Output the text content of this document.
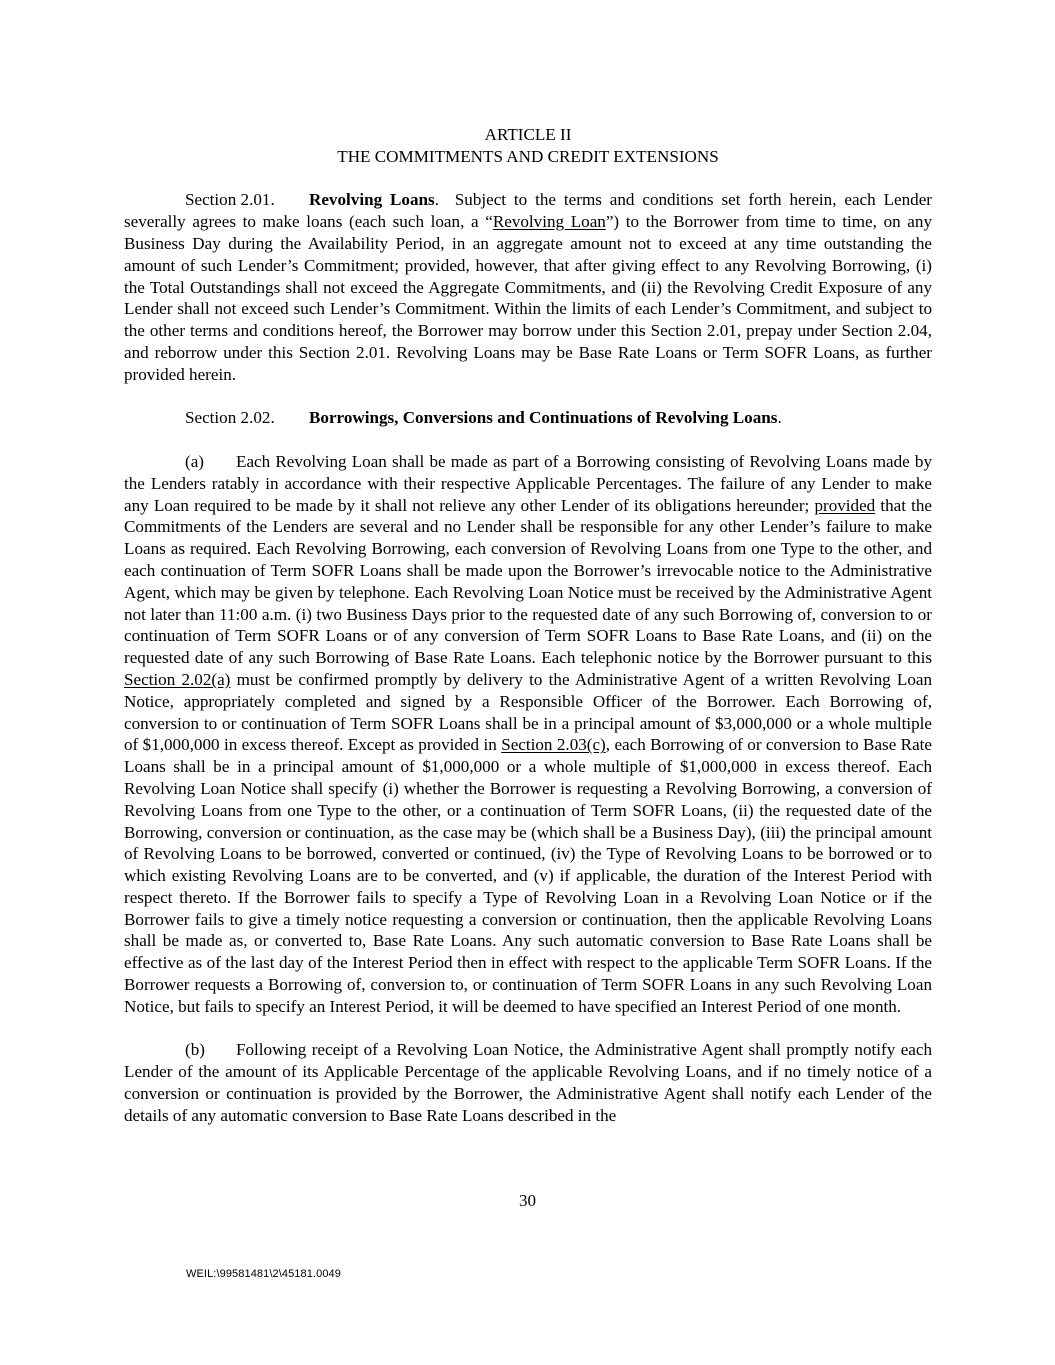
ARTICLE II
THE COMMITMENTS AND CREDIT EXTENSIONS

Section 2.01. Revolving Loans. Subject to the terms and conditions set forth herein, each Lender severally agrees to make loans (each such loan, a “Revolving Loan”) to the Borrower from time to time, on any Business Day during the Availability Period, in an aggregate amount not to exceed at any time outstanding the amount of such Lender’s Commitment; provided, however, that after giving effect to any Revolving Borrowing, (i) the Total Outstandings shall not exceed the Aggregate Commitments, and (ii) the Revolving Credit Exposure of any Lender shall not exceed such Lender’s Commitment. Within the limits of each Lender’s Commitment, and subject to the other terms and conditions hereof, the Borrower may borrow under this Section 2.01, prepay under Section 2.04, and reborrow under this Section 2.01. Revolving Loans may be Base Rate Loans or Term SOFR Loans, as further provided herein.

Section 2.02. Borrowings, Conversions and Continuations of Revolving Loans.

(a) Each Revolving Loan shall be made as part of a Borrowing consisting of Revolving Loans made by the Lenders ratably in accordance with their respective Applicable Percentages. The failure of any Lender to make any Loan required to be made by it shall not relieve any other Lender of its obligations hereunder; provided that the Commitments of the Lenders are several and no Lender shall be responsible for any other Lender’s failure to make Loans as required. Each Revolving Borrowing, each conversion of Revolving Loans from one Type to the other, and each continuation of Term SOFR Loans shall be made upon the Borrower’s irrevocable notice to the Administrative Agent, which may be given by telephone. Each Revolving Loan Notice must be received by the Administrative Agent not later than 11:00 a.m. (i) two Business Days prior to the requested date of any such Borrowing of, conversion to or continuation of Term SOFR Loans or of any conversion of Term SOFR Loans to Base Rate Loans, and (ii) on the requested date of any such Borrowing of Base Rate Loans. Each telephonic notice by the Borrower pursuant to this Section 2.02(a) must be confirmed promptly by delivery to the Administrative Agent of a written Revolving Loan Notice, appropriately completed and signed by a Responsible Officer of the Borrower. Each Borrowing of, conversion to or continuation of Term SOFR Loans shall be in a principal amount of $3,000,000 or a whole multiple of $1,000,000 in excess thereof. Except as provided in Section 2.03(c), each Borrowing of or conversion to Base Rate Loans shall be in a principal amount of $1,000,000 or a whole multiple of $1,000,000 in excess thereof. Each Revolving Loan Notice shall specify (i) whether the Borrower is requesting a Revolving Borrowing, a conversion of Revolving Loans from one Type to the other, or a continuation of Term SOFR Loans, (ii) the requested date of the Borrowing, conversion or continuation, as the case may be (which shall be a Business Day), (iii) the principal amount of Revolving Loans to be borrowed, converted or continued, (iv) the Type of Revolving Loans to be borrowed or to which existing Revolving Loans are to be converted, and (v) if applicable, the duration of the Interest Period with respect thereto. If the Borrower fails to specify a Type of Revolving Loan in a Revolving Loan Notice or if the Borrower fails to give a timely notice requesting a conversion or continuation, then the applicable Revolving Loans shall be made as, or converted to, Base Rate Loans. Any such automatic conversion to Base Rate Loans shall be effective as of the last day of the Interest Period then in effect with respect to the applicable Term SOFR Loans. If the Borrower requests a Borrowing of, conversion to, or continuation of Term SOFR Loans in any such Revolving Loan Notice, but fails to specify an Interest Period, it will be deemed to have specified an Interest Period of one month.

(b) Following receipt of a Revolving Loan Notice, the Administrative Agent shall promptly notify each Lender of the amount of its Applicable Percentage of the applicable Revolving Loans, and if no timely notice of a conversion or continuation is provided by the Borrower, the Administrative Agent shall notify each Lender of the details of any automatic conversion to Base Rate Loans described in the

30
WEIL:\99581481\2\45181.0049
